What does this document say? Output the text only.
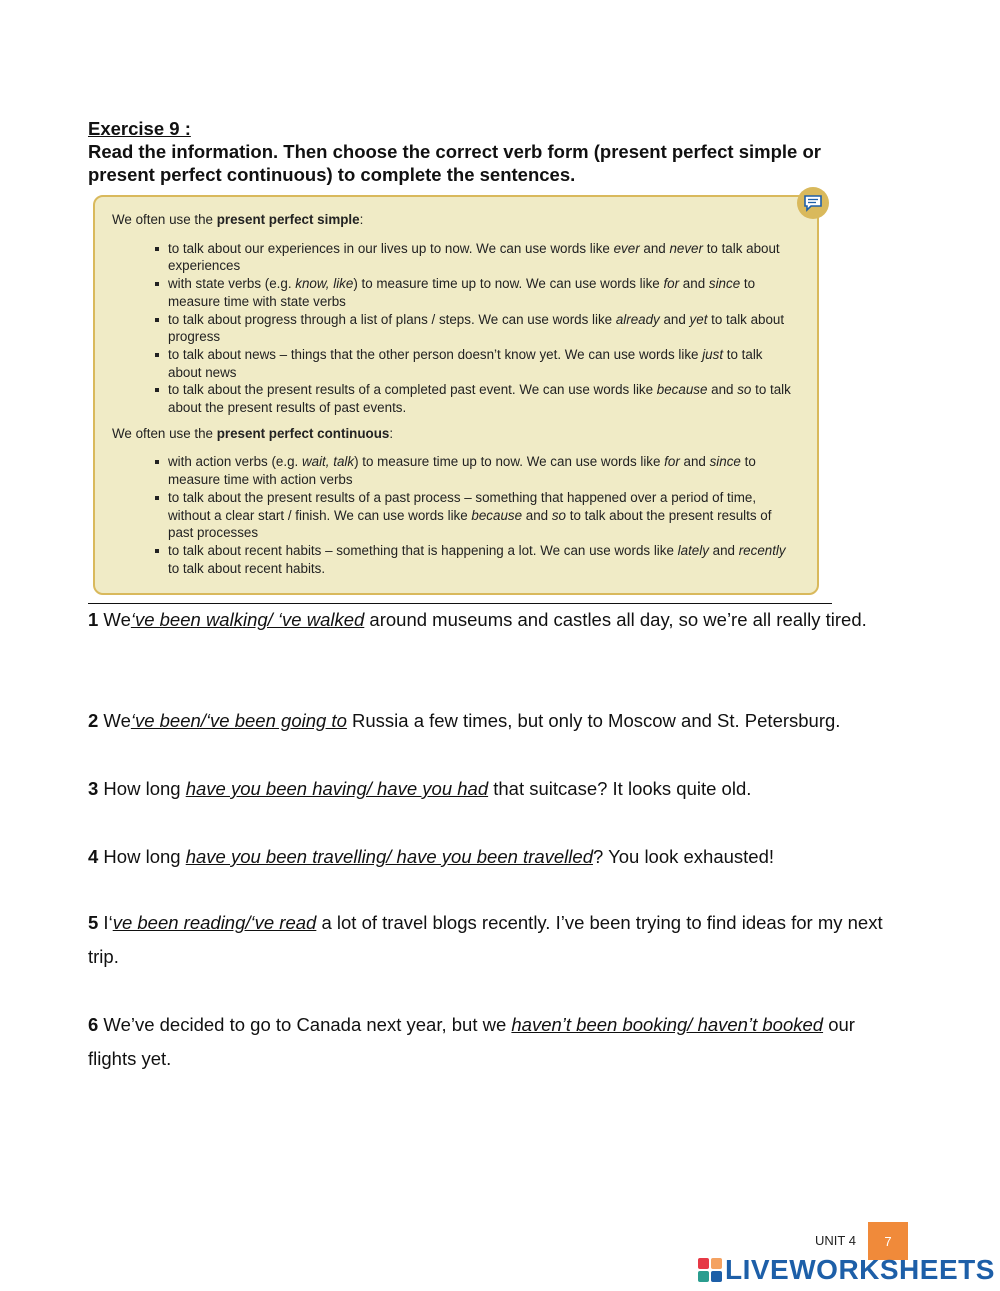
Exercise 9 :
Read the information. Then choose the correct verb form (present perfect simple or present perfect continuous) to complete the sentences.

We often use the present perfect simple:

to talk about our experiences in our lives up to now. We can use words like ever and never to talk about experiences
with state verbs (e.g. know, like) to measure time up to now. We can use words like for and since to measure time with state verbs
to talk about progress through a list of plans / steps. We can use words like already and yet to talk about progress
to talk about news – things that the other person doesn’t know yet. We can use words like just to talk about news
to talk about the present results of a completed past event. We can use words like because and so to talk about the present results of past events.

We often use the present perfect continuous:

with action verbs (e.g. wait, talk) to measure time up to now. We can use words like for and since to measure time with action verbs
to talk about the present results of a past process – something that happened over a period of time, without a clear start / finish. We can use words like because and so to talk about the present results of past processes
to talk about recent habits – something that is happening a lot. We can use words like lately and recently to talk about recent habits.
1 We‘ve been walking/ ‘ve walked around museums and castles all day, so we’re all really tired.
2 We‘ve been/‘ve been going to Russia a few times, but only to Moscow and St. Petersburg.
3 How long have you been having/ have you had that suitcase? It looks quite old.
4 How long have you been travelling/ have you been travelled? You look exhausted!
5 I‘ve been reading/‘ve read a lot of travel blogs recently. I’ve been trying to find ideas for my next trip.
6 We’ve decided to go to Canada next year, but we haven’t been booking/ haven’t booked our flights yet.
UNIT 4	7
LIVEWORKSHEETS
